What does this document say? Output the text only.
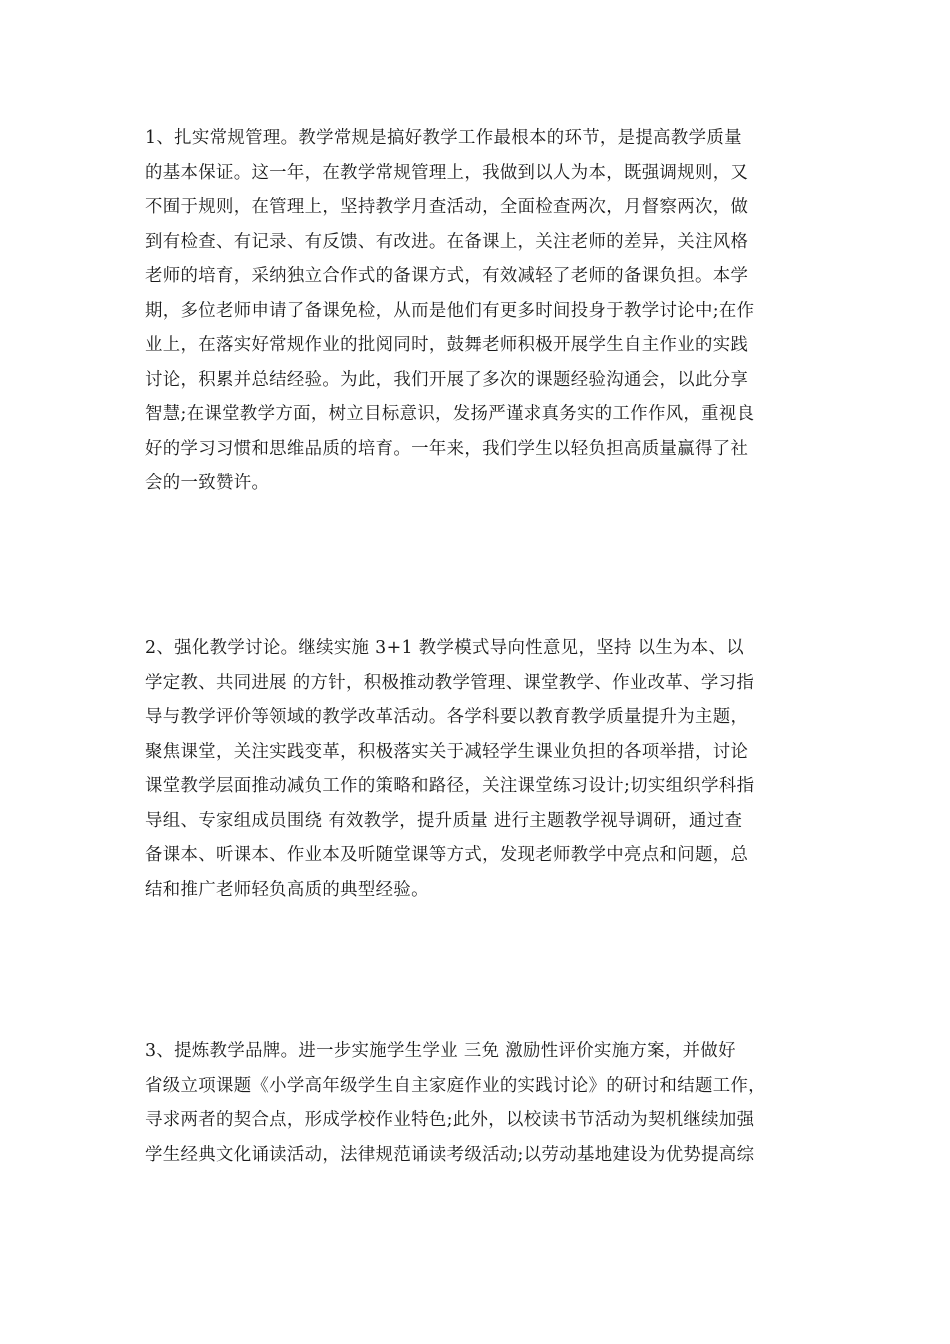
1、扎实常规管理。教学常规是搞好教学工作最根本的环节，是提高教学质量
的基本保证。这一年，在教学常规管理上，我做到以人为本，既强调规则，又
不囿于规则，在管理上，坚持教学月查活动，全面检查两次，月督察两次，做
到有检查、有记录、有反馈、有改进。在备课上，关注老师的差异，关注风格
老师的培育，采纳独立合作式的备课方式，有效减轻了老师的备课负担。本学
期，多位老师申请了备课免检，从而是他们有更多时间投身于教学讨论中;在作
业上，在落实好常规作业的批阅同时，鼓舞老师积极开展学生自主作业的实践
讨论，积累并总结经验。为此，我们开展了多次的课题经验沟通会，以此分享
智慧;在课堂教学方面，树立目标意识，发扬严谨求真务实的工作作风，重视良
好的学习习惯和思维品质的培育。一年来，我们学生以轻负担高质量赢得了社
会的一致赞许。
2、强化教学讨论。继续实施 3+1 教学模式导向性意见，坚持 以生为本、以
学定教、共同进展 的方针，积极推动教学管理、课堂教学、作业改革、学习指
导与教学评价等领域的教学改革活动。各学科要以教育教学质量提升为主题，
聚焦课堂，关注实践变革，积极落实关于减轻学生课业负担的各项举措，讨论
课堂教学层面推动减负工作的策略和路径，关注课堂练习设计;切实组织学科指
导组、专家组成员围绕 有效教学，提升质量 进行主题教学视导调研，通过查
备课本、听课本、作业本及听随堂课等方式，发现老师教学中亮点和问题，总
结和推广老师轻负高质的典型经验。
3、提炼教学品牌。进一步实施学生学业 三免 激励性评价实施方案，并做好
省级立项课题《小学高年级学生自主家庭作业的实践讨论》的研讨和结题工作，
寻求两者的契合点，形成学校作业特色;此外，以校读书节活动为契机继续加强
学生经典文化诵读活动，法律规范诵读考级活动;以劳动基地建设为优势提高综
